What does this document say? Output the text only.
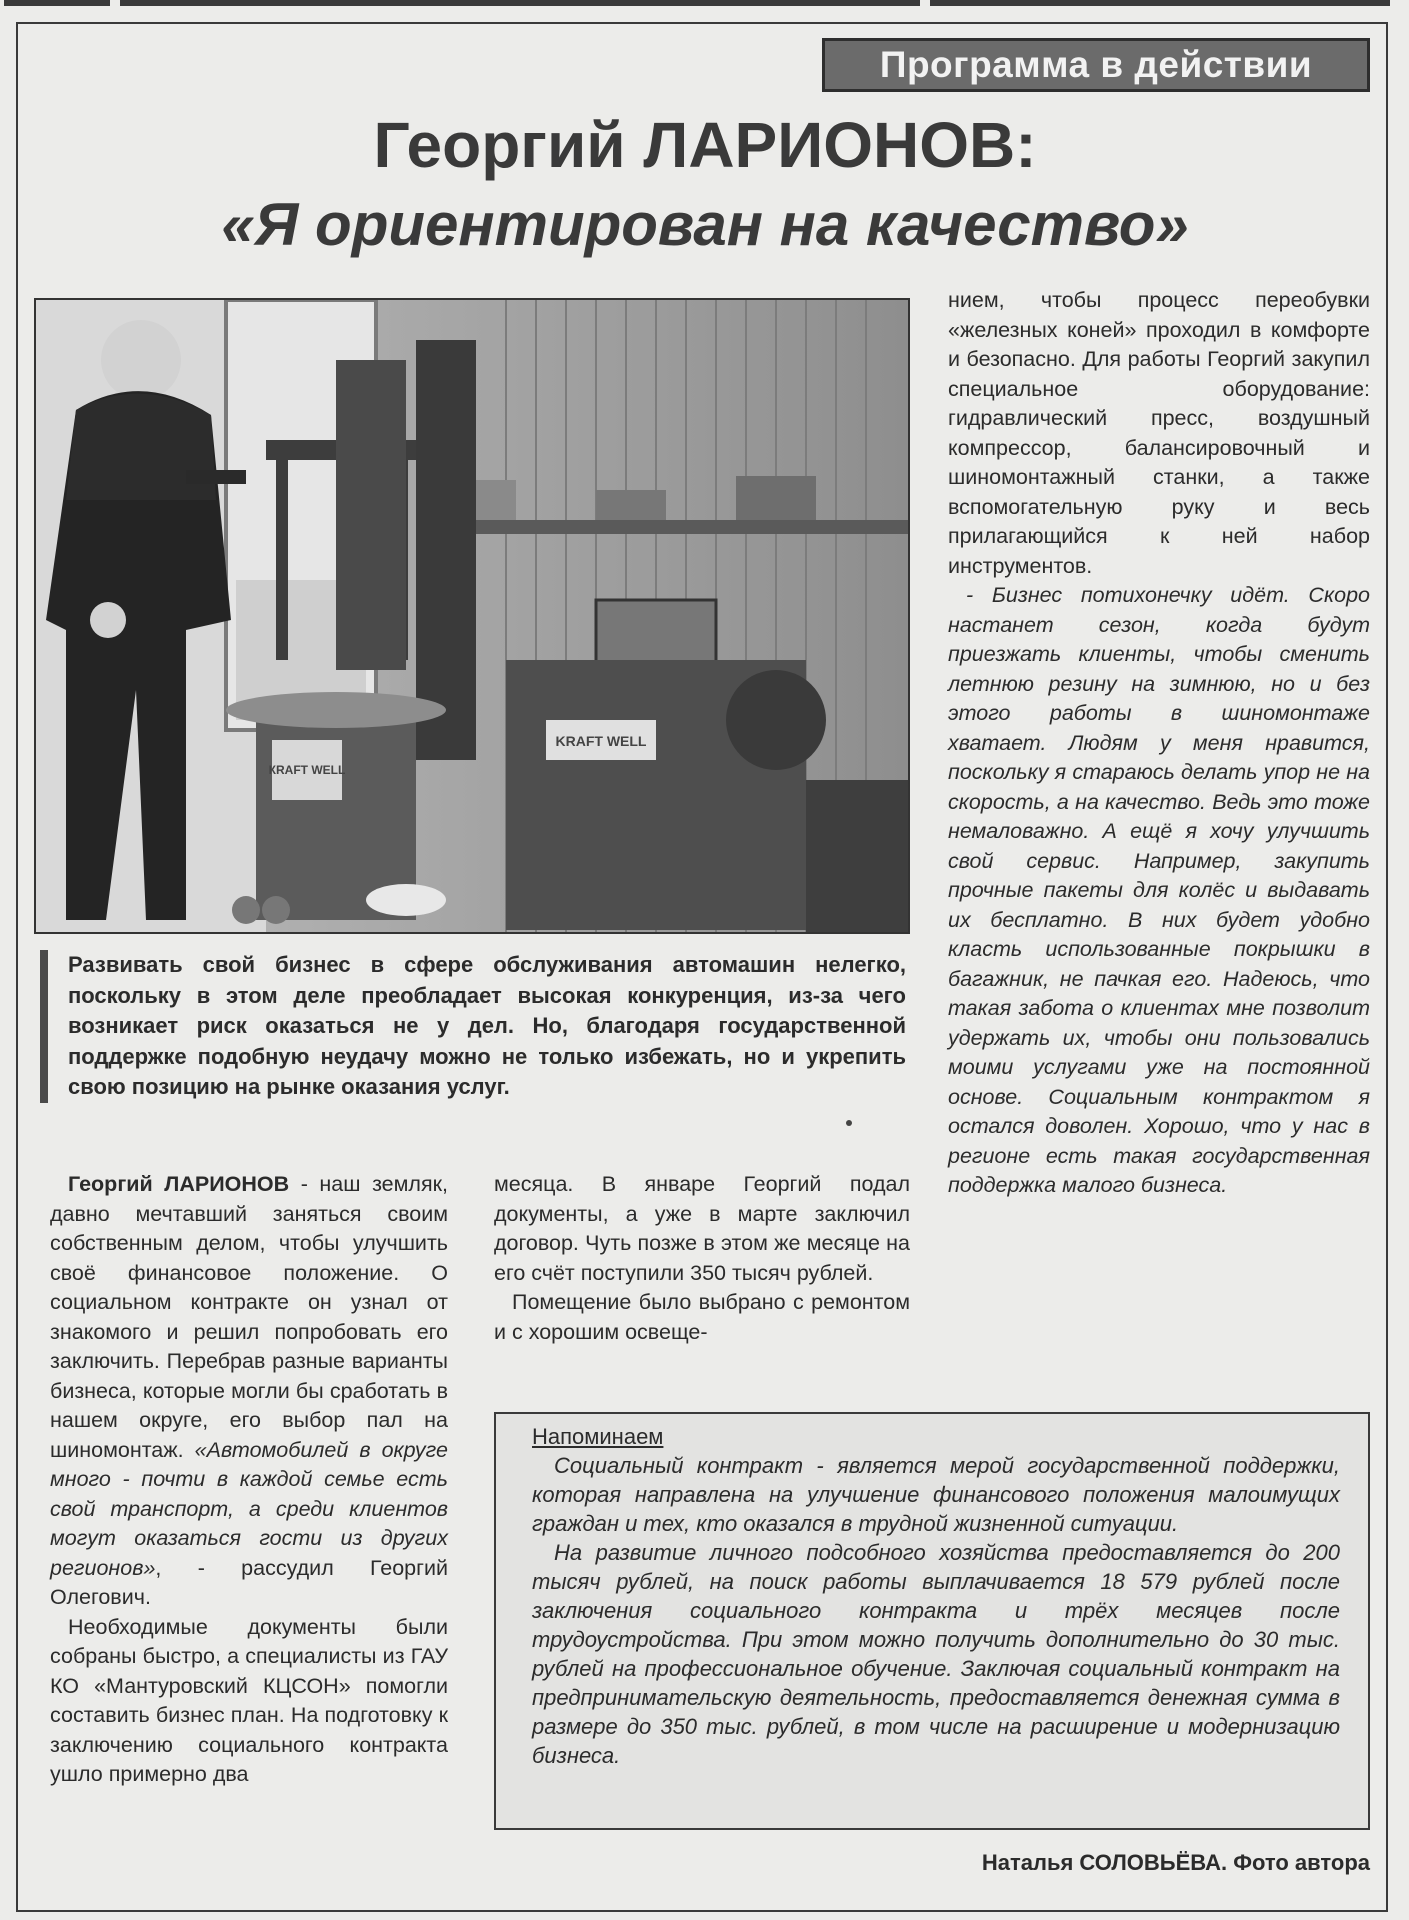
Программа в действии
Георгий ЛАРИОНОВ:
«Я ориентирован на качество»
КRAFT WELL
KRAFT WELL

нием, чтобы процесс переобувки «железных коней» проходил в комфорте и безопасно. Для работы Георгий закупил специальное оборудование: гидравлический пресс, воздушный компрессор, балансировочный и шиномонтажный станки, а также вспомогательную руку и весь прилагающийся к ней набор инструментов.

- Бизнес потихонечку идёт. Скоро настанет сезон, когда будут приезжать клиенты, чтобы сменить летнюю резину на зимнюю, но и без этого работы в шиномонтаже хватает. Людям у меня нравится, поскольку я стараюсь делать упор не на скорость, а на качество. Ведь это тоже немаловажно. А ещё я хочу улучшить свой сервис. Например, закупить прочные пакеты для колёс и выдавать их бесплатно. В них будет удобно класть использованные покрышки в багажник, не пачкая его. Надеюсь, что такая забота о клиентах мне позволит удержать их, чтобы они пользовались моими услугами уже на постоянной основе. Социальным контрактом я остался доволен. Хорошо, что у нас в регионе есть такая государственная поддержка малого бизнеса.

Развивать свой бизнес в сфере обслуживания автомашин нелегко, поскольку в этом деле преобладает высокая конкуренция, из-за чего возникает риск оказаться не у дел. Но, благодаря государственной поддержке подобную неудачу можно не только избежать, но и укрепить свою позицию на рынке оказания услуг.

Георгий ЛАРИОНОВ - наш земляк, давно мечтавший заняться своим собственным делом, чтобы улучшить своё финансовое положение. О социальном контракте он узнал от знакомого и решил попробовать его заключить. Перебрав разные варианты бизнеса, которые могли бы сработать в нашем округе, его выбор пал на шиномонтаж. «Автомобилей в округе много - почти в каждой семье есть свой транспорт, а среди клиентов могут оказаться гости из других регионов», - рассудил Георгий Олегович.

Необходимые документы были собраны быстро, а специалисты из ГАУ КО «Мантуровский КЦСОН» помогли составить бизнес план. На подготовку к заключению социального контракта ушло примерно два

месяца. В январе Георгий подал документы, а уже в марте заключил договор. Чуть позже в этом же месяце на его счёт поступили 350 тысяч рублей.

Помещение было выбрано с ремонтом и с хорошим освеще-

Напоминаем

Социальный контракт - является мерой государственной поддержки, которая направлена на улучшение финансового положения малоимущих граждан и тех, кто оказался в трудной жизненной ситуации.

На развитие личного подсобного хозяйства предоставляется до 200 тысяч рублей, на поиск работы выплачивается 18 579 рублей после заключения социального контракта и трёх месяцев после трудоустройства. При этом можно получить дополнительно до 30 тыс. рублей на профессиональное обучение. Заключая социальный контракт на предпринимательскую деятельность, предоставляется денежная сумма в размере до 350 тыс. рублей, в том числе на расширение и модернизацию бизнеса.

Наталья СОЛОВЬЁВА. Фото автора
